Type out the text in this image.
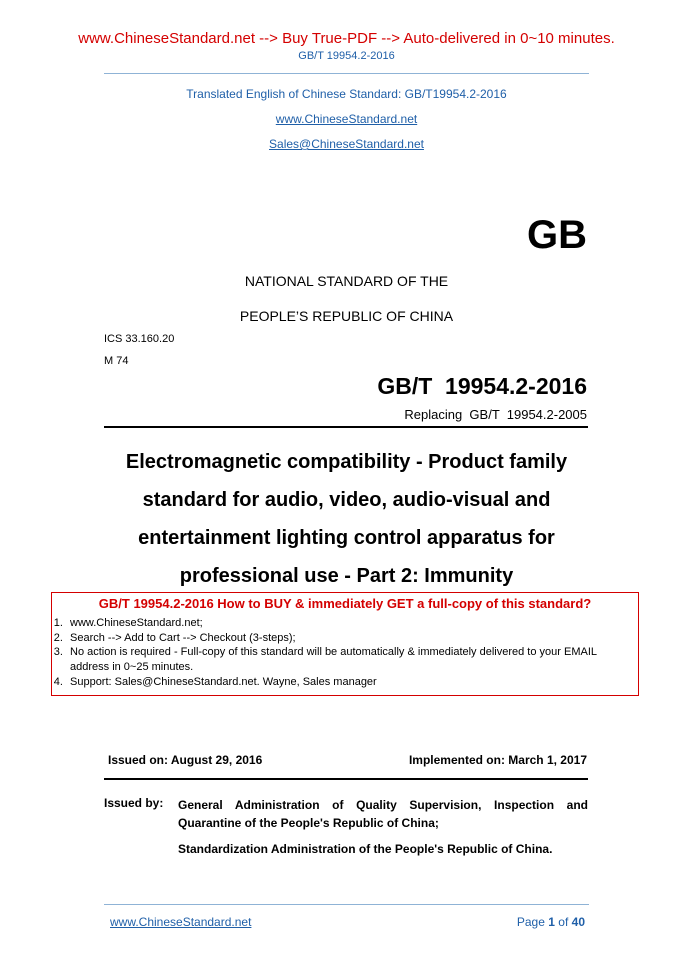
www.ChineseStandard.net --> Buy True-PDF --> Auto-delivered in 0~10 minutes.
GB/T 19954.2-2016
Translated English of Chinese Standard: GB/T19954.2-2016
www.ChineseStandard.net
Sales@ChineseStandard.net
GB
NATIONAL STANDARD OF THE
PEOPLE’S REPUBLIC OF CHINA
ICS 33.160.20
M 74
GB/T  19954.2-2016
Replacing  GB/T  19954.2-2005
Electromagnetic compatibility - Product family standard for audio, video, audio-visual and entertainment lighting control apparatus for professional use - Part 2: Immunity
GB/T 19954.2-2016 How to BUY & immediately GET a full-copy of this standard?
1. www.ChineseStandard.net;
2. Search --> Add to Cart --> Checkout (3-steps);
3. No action is required - Full-copy of this standard will be automatically & immediately delivered to your EMAIL address in 0~25 minutes.
4. Support: Sales@ChineseStandard.net. Wayne, Sales manager
Issued on: August 29, 2016	Implemented on: March 1, 2017
Issued by: General Administration of Quality Supervision, Inspection and Quarantine of the People's Republic of China;

Standardization Administration of the People's Republic of China.

www.ChineseStandard.net	Page 1 of 40
